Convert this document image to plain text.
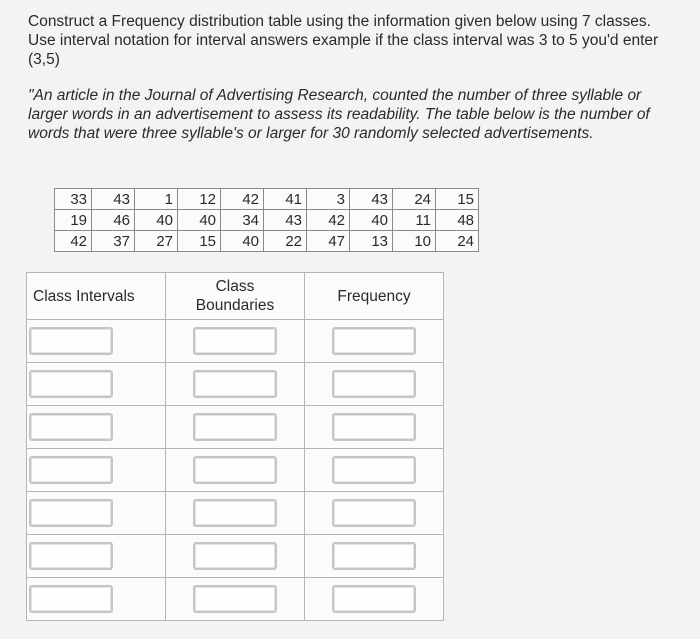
Construct a Frequency distribution table using the information given below using 7 classes. Use interval notation for interval answers example if the class interval was 3 to 5 you'd enter (3,5)
"An article in the Journal of Advertising Research, counted the number of three syllable or larger words in an advertisement to assess its readability. The table below is the number of words that were three syllable's or larger for 30 randomly selected advertisements.
33	43	1	12	42	41	3	43	24	15
19	46	40	40	34	43	42	40	11	48
42	37	27	15	40	22	47	13	10	24
Class Intervals	Class Boundaries	Frequency
